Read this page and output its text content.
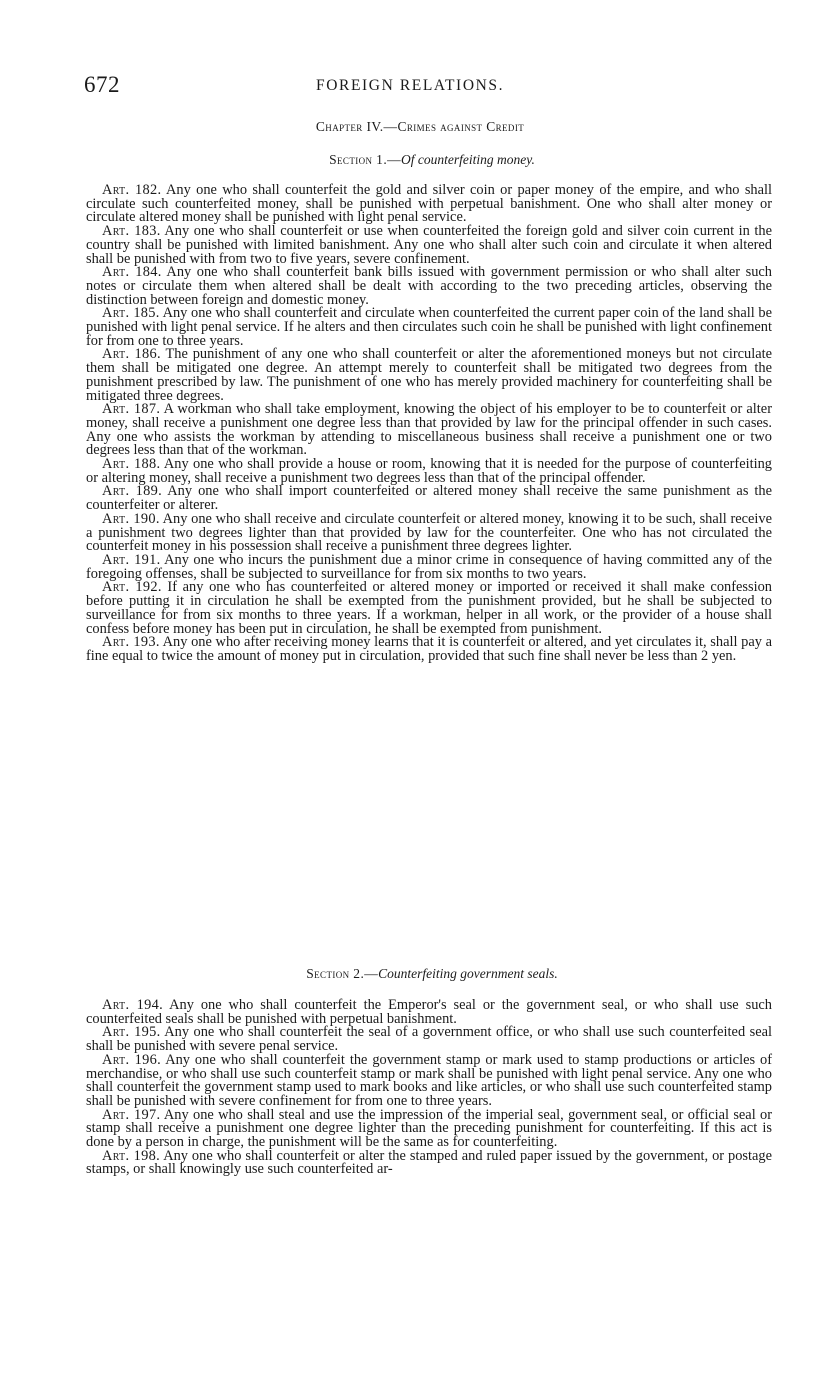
672	FOREIGN RELATIONS.
Chapter IV.—Crimes against Credit
Section 1.—Of counterfeiting money.

Art. 182. Any one who shall counterfeit the gold and silver coin or paper money of the empire, and who shall circulate such counterfeited money, shall be punished with perpetual banishment. One who shall alter money or circulate altered money shall be punished with light penal service.

Art. 183. Any one who shall counterfeit or use when counterfeited the foreign gold and silver coin current in the country shall be punished with limited banishment. Any one who shall alter such coin and circulate it when altered shall be punished with from two to five years, severe confinement.

Art. 184. Any one who shall counterfeit bank bills issued with government permission or who shall alter such notes or circulate them when altered shall be dealt with according to the two preceding articles, observing the distinction between foreign and domestic money.

Art. 185. Any one who shall counterfeit and circulate when counterfeited the current paper coin of the land shall be punished with light penal service. If he alters and then circulates such coin he shall be punished with light confinement for from one to three years.

Art. 186. The punishment of any one who shall counterfeit or alter the aforementioned moneys but not circulate them shall be mitigated one degree. An attempt merely to counterfeit shall be mitigated two degrees from the punishment prescribed by law. The punishment of one who has merely provided machinery for counterfeiting shall be mitigated three degrees.

Art. 187. A workman who shall take employment, knowing the object of his employer to be to counterfeit or alter money, shall receive a punishment one degree less than that provided by law for the principal offender in such cases. Any one who assists the workman by attending to miscellaneous business shall receive a punishment one or two degrees less than that of the workman.

Art. 188. Any one who shall provide a house or room, knowing that it is needed for the purpose of counterfeiting or altering money, shall receive a punishment two degrees less than that of the principal offender.

Art. 189. Any one who shall import counterfeited or altered money shall receive the same punishment as the counterfeiter or alterer.

Art. 190. Any one who shall receive and circulate counterfeit or altered money, knowing it to be such, shall receive a punishment two degrees lighter than that provided by law for the counterfeiter. One who has not circulated the counterfeit money in his possession shall receive a punishment three degrees lighter.

Art. 191. Any one who incurs the punishment due a minor crime in consequence of having committed any of the foregoing offenses, shall be subjected to surveillance for from six months to two years.

Art. 192. If any one who has counterfeited or altered money or imported or received it shall make confession before putting it in circulation he shall be exempted from the punishment provided, but he shall be subjected to surveillance for from six months to three years. If a workman, helper in all work, or the provider of a house shall confess before money has been put in circulation, he shall be exempted from punishment.

Art. 193. Any one who after receiving money learns that it is counterfeit or altered, and yet circulates it, shall pay a fine equal to twice the amount of money put in circulation, provided that such fine shall never be less than 2 yen.

Section 2.—Counterfeiting government seals.

Art. 194. Any one who shall counterfeit the Emperor's seal or the government seal, or who shall use such counterfeited seals shall be punished with perpetual banishment.

Art. 195. Any one who shall counterfeit the seal of a government office, or who shall use such counterfeited seal shall be punished with severe penal service.

Art. 196. Any one who shall counterfeit the government stamp or mark used to stamp productions or articles of merchandise, or who shall use such counterfeit stamp or mark shall be punished with light penal service. Any one who shall counterfeit the government stamp used to mark books and like articles, or who shall use such counterfeited stamp shall be punished with severe confinement for from one to three years.

Art. 197. Any one who shall steal and use the impression of the imperial seal, government seal, or official seal or stamp shall receive a punishment one degree lighter than the preceding punishment for counterfeiting. If this act is done by a person in charge, the punishment will be the same as for counterfeiting.

Art. 198. Any one who shall counterfeit or alter the stamped and ruled paper issued by the government, or postage stamps, or shall knowingly use such counterfeited ar-
